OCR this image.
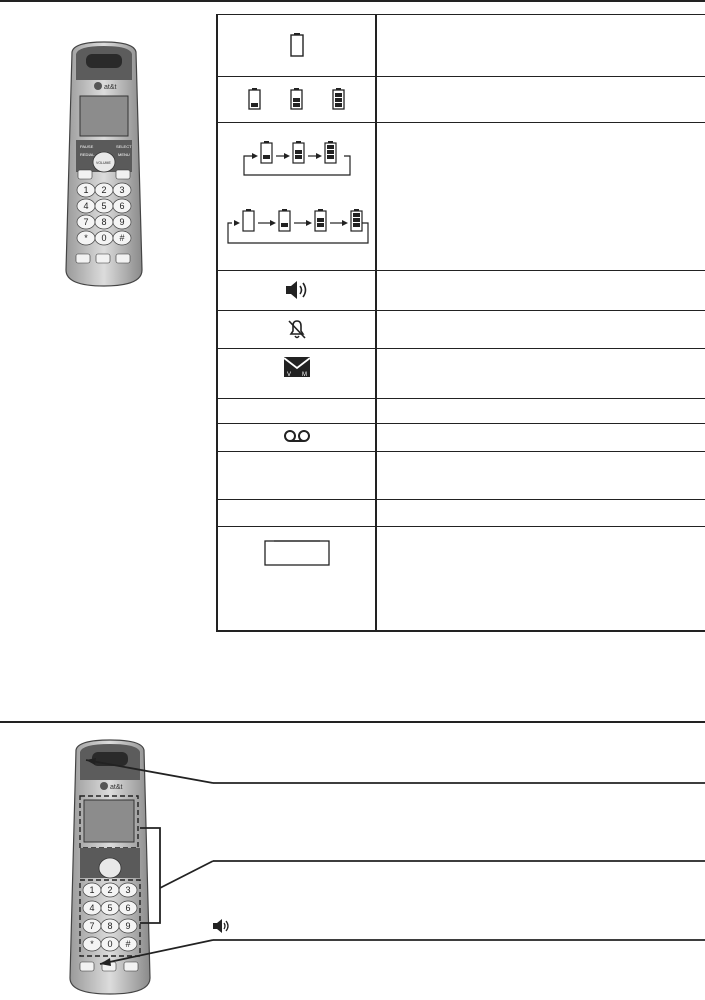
at&t
PAUSE
REDIAL
SELECT
MENU
VOLUME
1 2 3
4 5 6
7 8 9
* 0 #
V M
at&t
1 2 3
4 5 6
7 8 9
* 0 #
